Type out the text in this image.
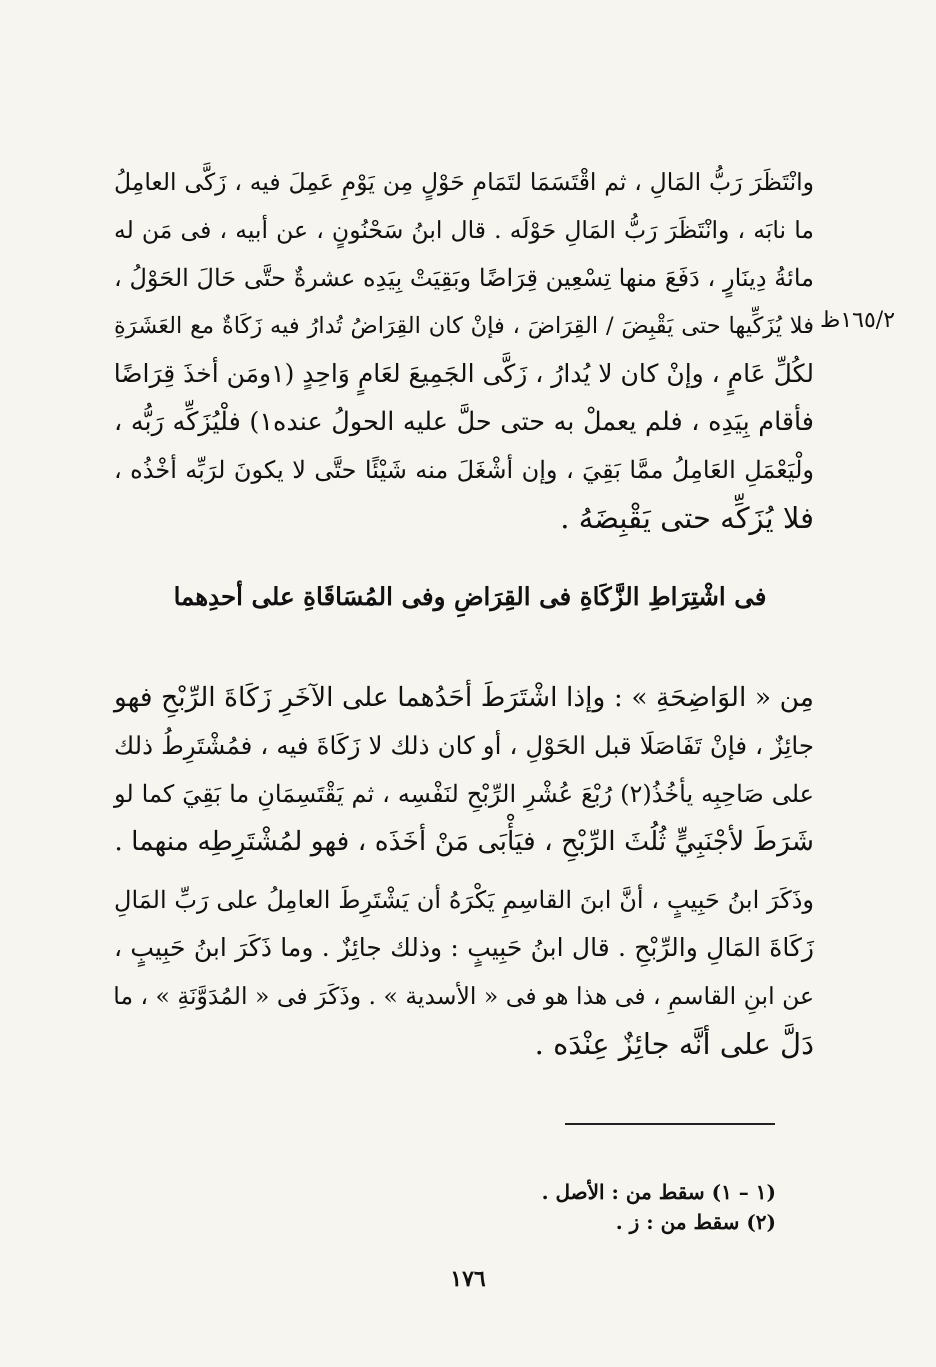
١٦٥/٢ظ
وانْتَظَرَ رَبُّ المَالِ ، ثم اقْتَسَمَا لتَمَامِ حَوْلٍ مِن يَوْمِ عَمِلَ فيه ، زَكَّى العامِلُ
ما نابَه ، وانْتَظَرَ رَبُّ المَالِ حَوْلَه . قال ابنُ سَحْنُونٍ ، عن أبيه ، فى مَن له
مائةُ دِينَارٍ ، دَفَعَ منها تِسْعِين قِرَاضًا وبَقِيَتْ بِيَدِه عشرةٌ حتَّى حَالَ الحَوْلُ ،
فلا يُزَكِّيها حتى يَقْبِضَ / القِرَاضَ ، فإنْ كان القِرَاضُ تُدارُ فيه زَكَاةٌ مع العَشَرَةِ
لكُلِّ عَامٍ ، وإنْ كان لا يُدارُ ، زَكَّى الجَمِيعَ لعَامٍ وَاحِدٍ (١ومَن أخذَ قِرَاضًا
فأقام بِيَدِه ، فلم يعملْ به حتى حلَّ عليه الحولُ عنده١) فلْيُزَكِّه رَبُّه ،
ولْيَعْمَلِ العَامِلُ ممَّا بَقِيَ ، وإن أشْغَلَ منه شَيْئًا حتَّى لا يكونَ لرَبِّه أخْذُه ،
فلا يُزَكِّه حتى يَقْبِضَهُ .
فى اشْتِرَاطِ الزَّكَاةِ فى القِرَاضِ وفى المُسَاقَاةِ على أحدِهما
مِن « الوَاضِحَةِ » : وإذا اشْتَرَطَ أحَدُهما على الآخَرِ زَكَاةَ الرِّبْحِ فهو
جائِزٌ ، فإنْ تَفَاصَلَا قبل الحَوْلِ ، أو كان ذلك لا زَكَاةَ فيه ، فمُشْتَرِطُ ذلك
على صَاحِبِه يأخُذُ(٢) رُبْعَ عُشْرِ الرِّبْحِ لنَفْسِه ، ثم يَقْتَسِمَانِ ما بَقِيَ كما لو
شَرَطَ لأجْنَبِيٍّ ثُلُثَ الرِّبْحِ ، فيَأْبَى مَنْ أخَذَه ، فهو لمُشْتَرِطِه منهما .
وذَكَرَ ابنُ حَبِيبٍ ، أنَّ ابنَ القاسِمِ يَكْرَهُ أن يَشْتَرِطَ العامِلُ على رَبِّ المَالِ
زَكَاةَ المَالِ والرِّبْحِ . قال ابنُ حَبِيبٍ : وذلك جائِزٌ . وما ذَكَرَ ابنُ حَبِيبٍ ،
عن ابنِ القاسمِ ، فى هذا هو فى « الأسدية » . وذَكَرَ فى « المُدَوَّنَةِ » ، ما
دَلَّ على أنَّه جائِزٌ عِنْدَه .
(١ – ١) سقط من : الأصل .
(٢) سقط من : ز .
١٧٦
